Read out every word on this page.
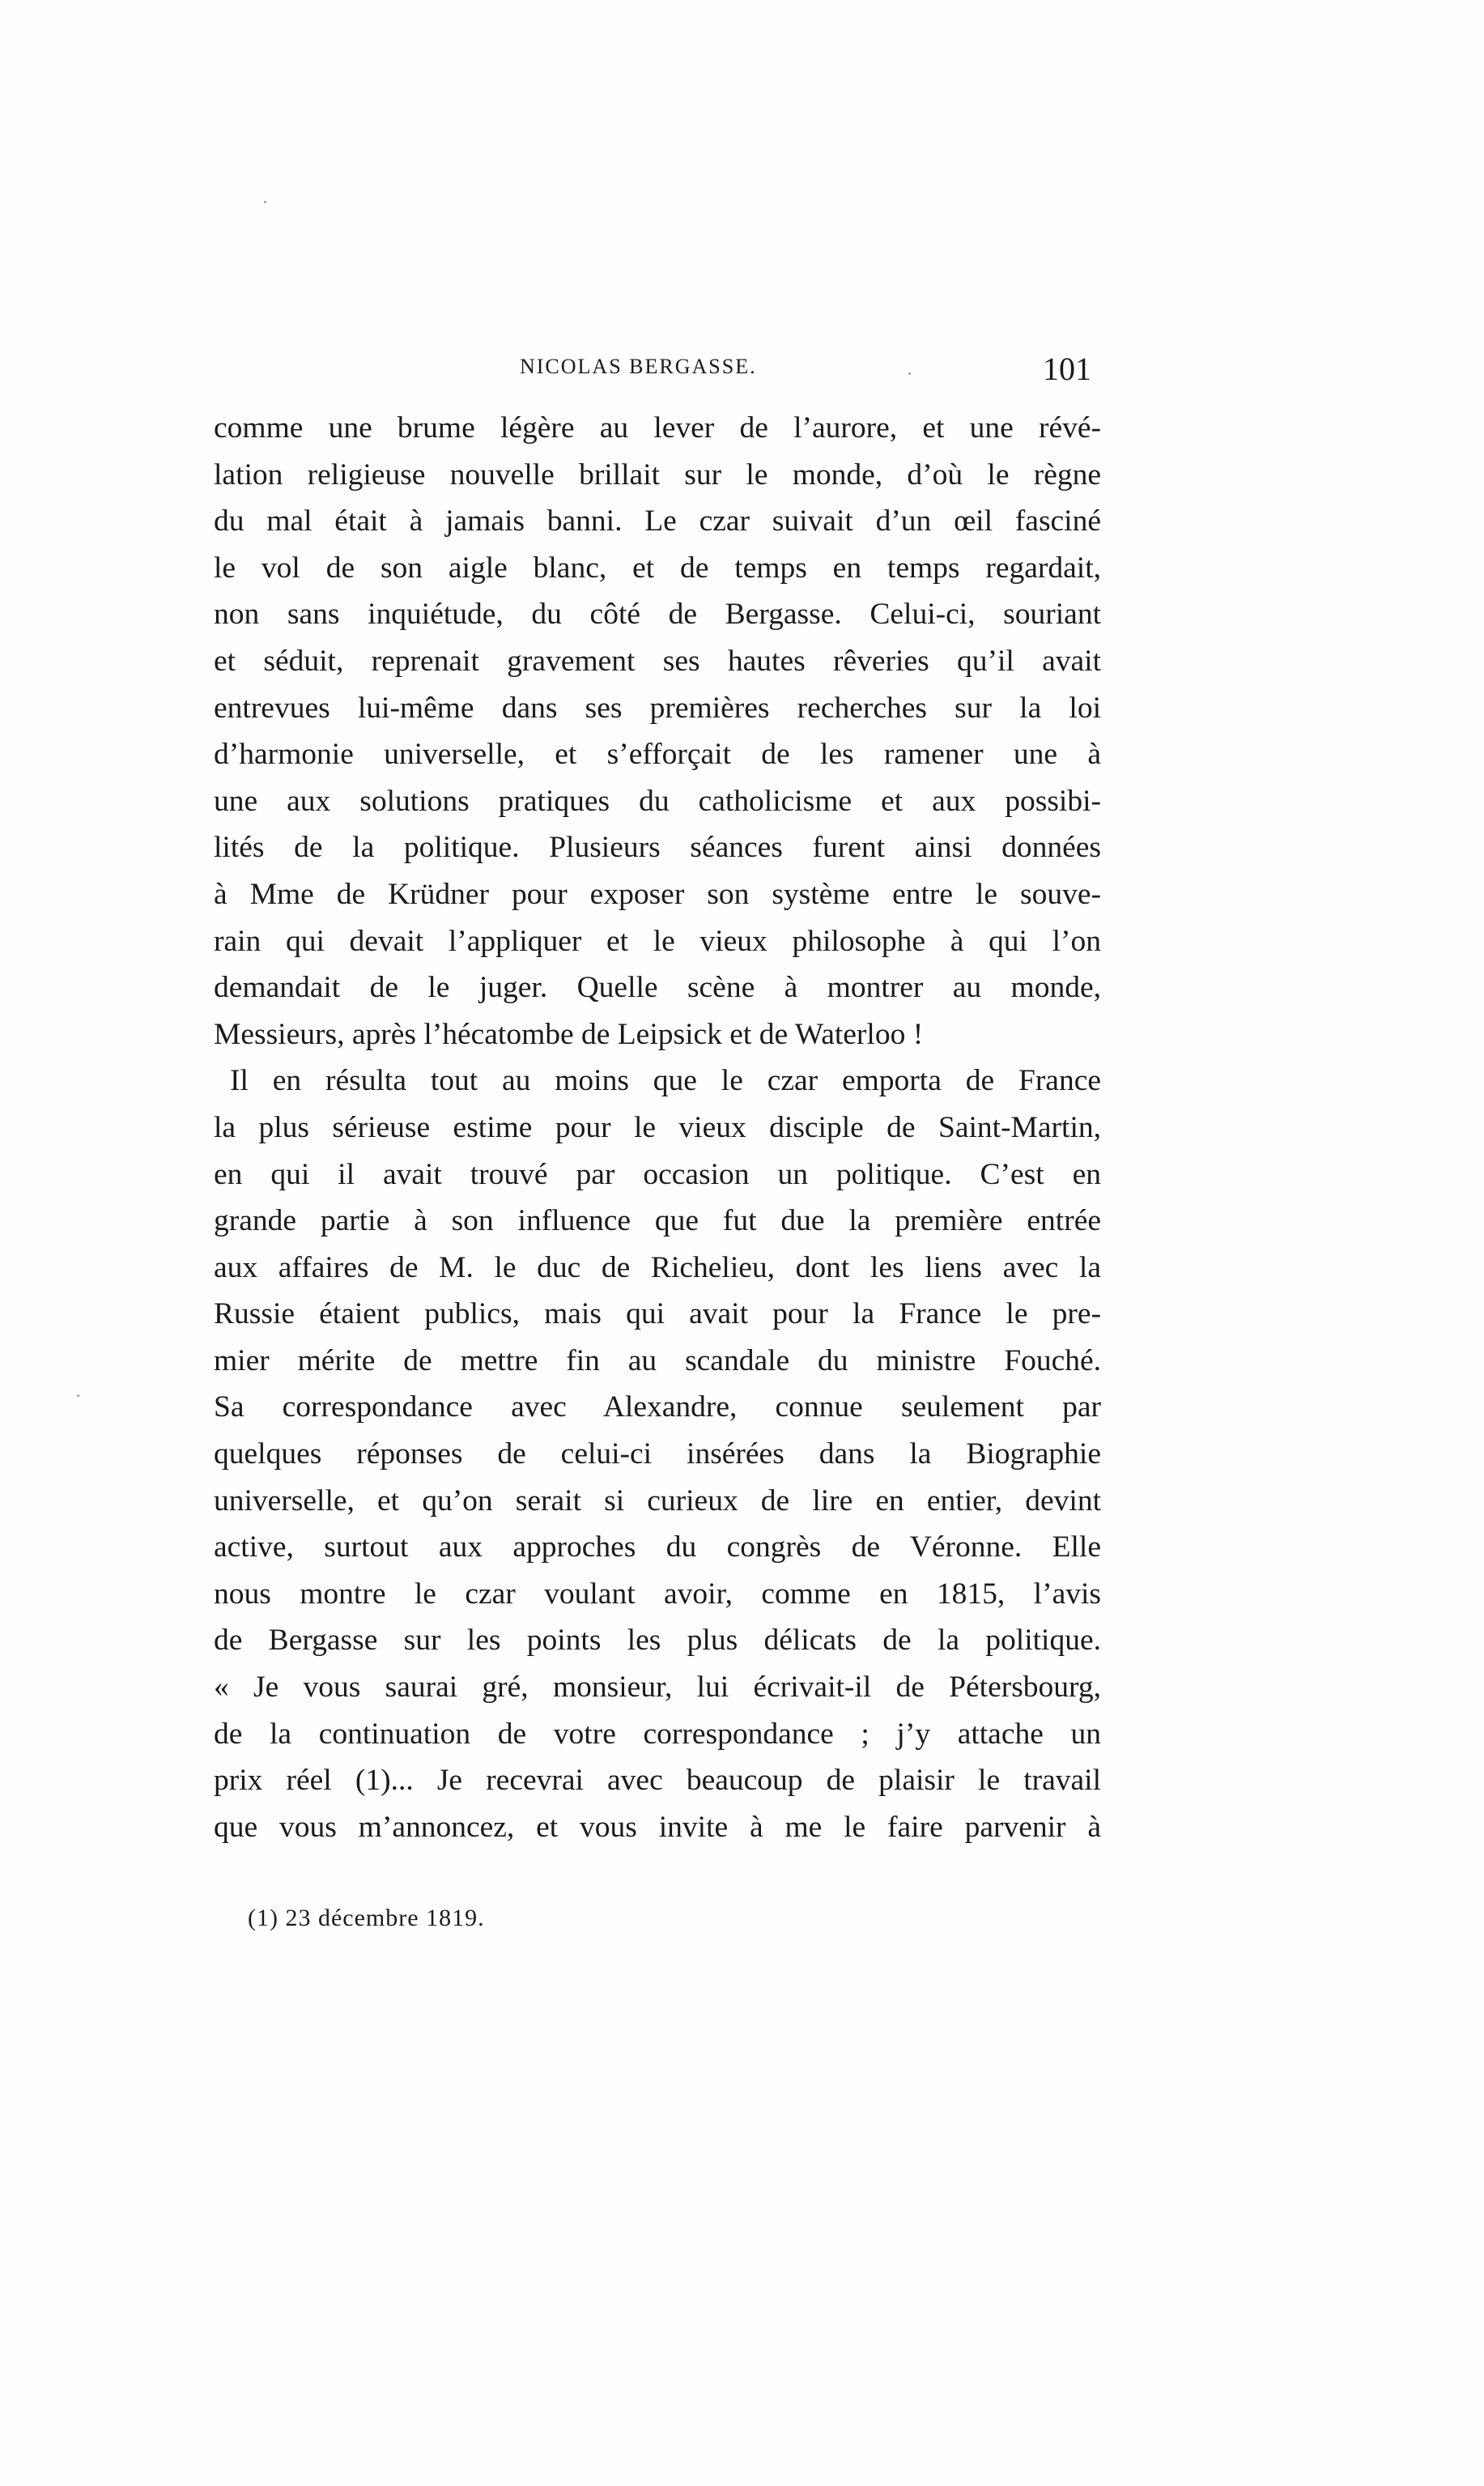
NICOLAS BERGASSE.	101
comme une brume légère au lever de l’aurore, et une révé-
lation religieuse nouvelle brillait sur le monde, d’où le règne
du mal était à jamais banni. Le czar suivait d’un œil fasciné
le vol de son aigle blanc, et de temps en temps regardait,
non sans inquiétude, du côté de Bergasse. Celui-ci, souriant
et séduit, reprenait gravement ses hautes rêveries qu’il avait
entrevues lui-même dans ses premières recherches sur la loi
d’harmonie universelle, et s’efforçait de les ramener une à
une aux solutions pratiques du catholicisme et aux possibi-
lités de la politique. Plusieurs séances furent ainsi données
à Mme de Krüdner pour exposer son système entre le souve-
rain qui devait l’appliquer et le vieux philosophe à qui l’on
demandait de le juger. Quelle scène à montrer au monde,
Messieurs, après l’hécatombe de Leipsick et de Waterloo !
Il en résulta tout au moins que le czar emporta de France
la plus sérieuse estime pour le vieux disciple de Saint-Martin,
en qui il avait trouvé par occasion un politique. C’est en
grande partie à son influence que fut due la première entrée
aux affaires de M. le duc de Richelieu, dont les liens avec la
Russie étaient publics, mais qui avait pour la France le pre-
mier mérite de mettre fin au scandale du ministre Fouché.
Sa correspondance avec Alexandre, connue seulement par
quelques réponses de celui-ci insérées dans la Biographie
universelle, et qu’on serait si curieux de lire en entier, devint
active, surtout aux approches du congrès de Véronne. Elle
nous montre le czar voulant avoir, comme en 1815, l’avis
de Bergasse sur les points les plus délicats de la politique.
« Je vous saurai gré, monsieur, lui écrivait-il de Pétersbourg,
de la continuation de votre correspondance ; j’y attache un
prix réel (1)... Je recevrai avec beaucoup de plaisir le travail
que vous m’annoncez, et vous invite à me le faire parvenir à
(1) 23 décembre 1819.
